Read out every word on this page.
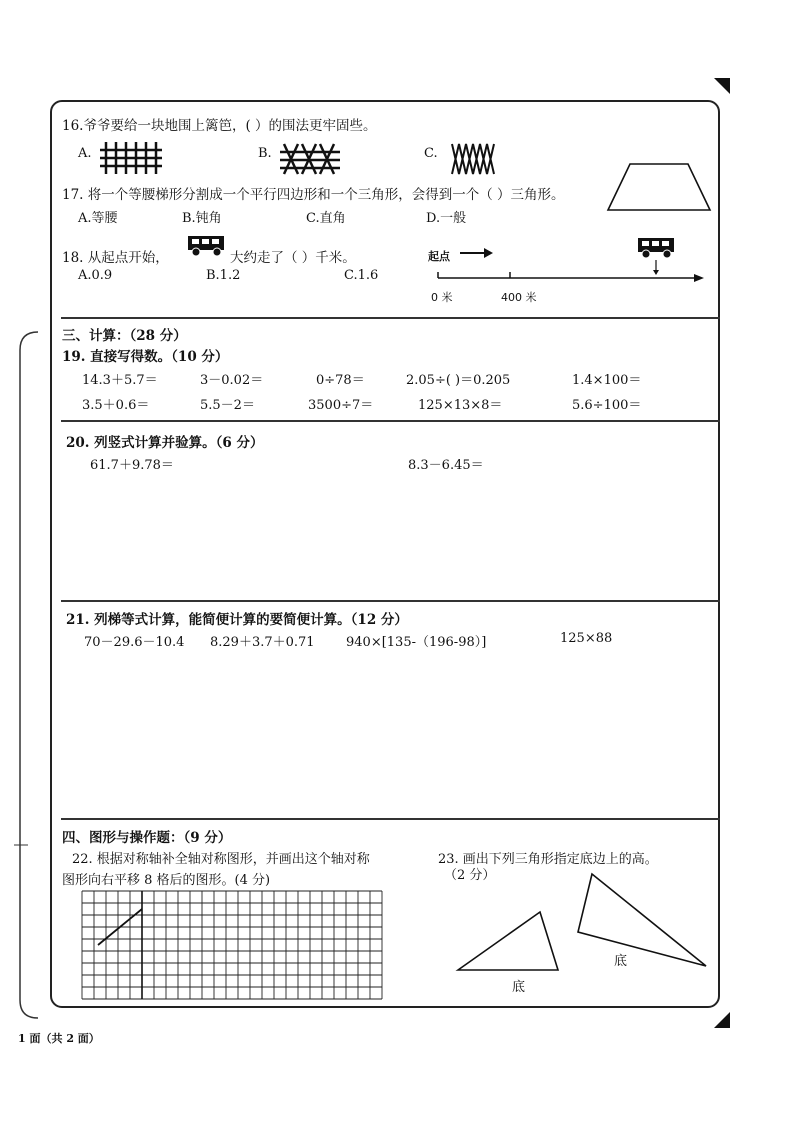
16.爷爷要给一块地围上篱笆，( ）的围法更牢固些。
A.	B.	C.
17. 将一个等腰梯形分割成一个平行四边形和一个三角形，会得到一个（ ）三角形。
A.等腰	B.钝角	C.直角	D.一般
18. 从起点开始，	大约走了（ ）千米。
A.0.9	B.1.2	C.1.6
起点
0 米	400 米
三、计算：（28 分）
19. 直接写得数。（10 分）
14.3＋5.7＝	3－0.02＝	0÷78＝	2.05÷( )＝0.205	1.4×100＝
3.5＋0.6＝	5.5－2＝	3500÷7＝	125×13×8＝	5.6÷100＝
20. 列竖式计算并验算。（6 分）
61.7＋9.78＝	8.3－6.45＝
21. 列梯等式计算，能简便计算的要简便计算。（12 分）
70－29.6－10.4 8.29＋3.7＋0.71 940×[135-（196-98）]	125×88
四、图形与操作题：（9 分）
22. 根据对称轴补全轴对称图形，并画出这个轴对称
图形向右平移 8 格后的图形。(4 分)
23. 画出下列三角形指定底边上的高。
（2 分）
底
底
1 面（共 2 面）
